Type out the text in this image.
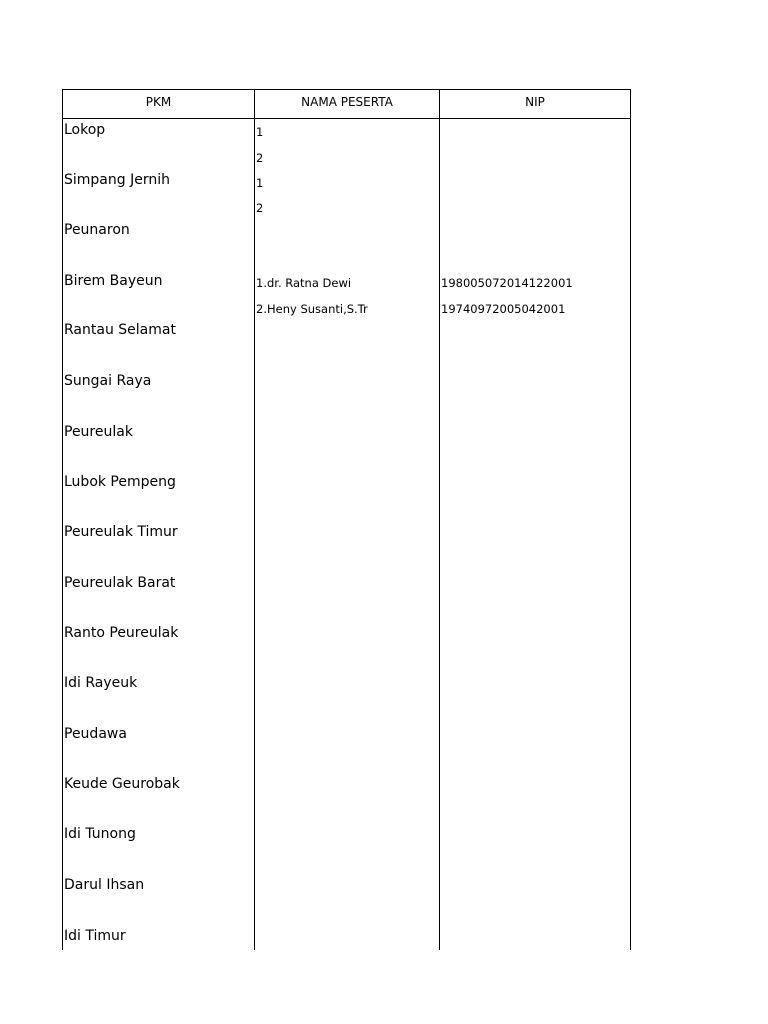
PKM	NAMA PESERTA	NIP
Lokop
Simpang Jernih
Peunaron
Birem Bayeun
Rantau Selamat
Sungai Raya
Peureulak
Lubok Pempeng
Peureulak Timur
Peureulak Barat
Ranto Peureulak
Idi Rayeuk
Peudawa
Keude Geurobak
Idi Tunong
Darul Ihsan
Idi Timur
1
2
1
2
1.dr. Ratna Dewi
2.Heny Susanti,S.Tr
198005072014122001
19740972005042001
